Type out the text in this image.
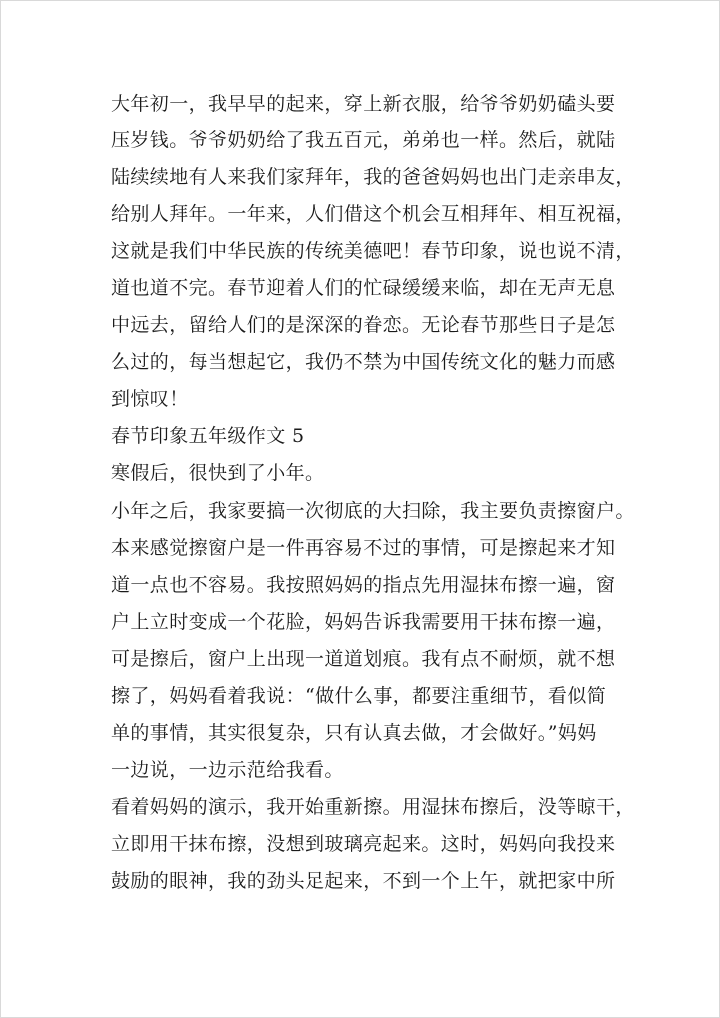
大年初一，我早早的起来，穿上新衣服，给爷爷奶奶磕头要
压岁钱。爷爷奶奶给了我五百元，弟弟也一样。然后，就陆
陆续续地有人来我们家拜年，我的爸爸妈妈也出门走亲串友，
给别人拜年。一年来，人们借这个机会互相拜年、相互祝福，
这就是我们中华民族的传统美德吧！春节印象，说也说不清，
道也道不完。春节迎着人们的忙碌缓缓来临，却在无声无息
中远去，留给人们的是深深的眷恋。无论春节那些日子是怎
么过的，每当想起它，我仍不禁为中国传统文化的魅力而感
到惊叹！
春节印象五年级作文 5
寒假后，很快到了小年。
小年之后，我家要搞一次彻底的大扫除，我主要负责擦窗户。
本来感觉擦窗户是一件再容易不过的事情，可是擦起来才知
道一点也不容易。我按照妈妈的指点先用湿抹布擦一遍，窗
户上立时变成一个花脸，妈妈告诉我需要用干抹布擦一遍，
可是擦后，窗户上出现一道道划痕。我有点不耐烦，就不想
擦了，妈妈看着我说：“做什么事，都要注重细节，看似简
单的事情，其实很复杂，只有认真去做，才会做好。”妈妈
一边说，一边示范给我看。
看着妈妈的演示，我开始重新擦。用湿抹布擦后，没等晾干，
立即用干抹布擦，没想到玻璃亮起来。这时，妈妈向我投来
鼓励的眼神，我的劲头足起来，不到一个上午，就把家中所
